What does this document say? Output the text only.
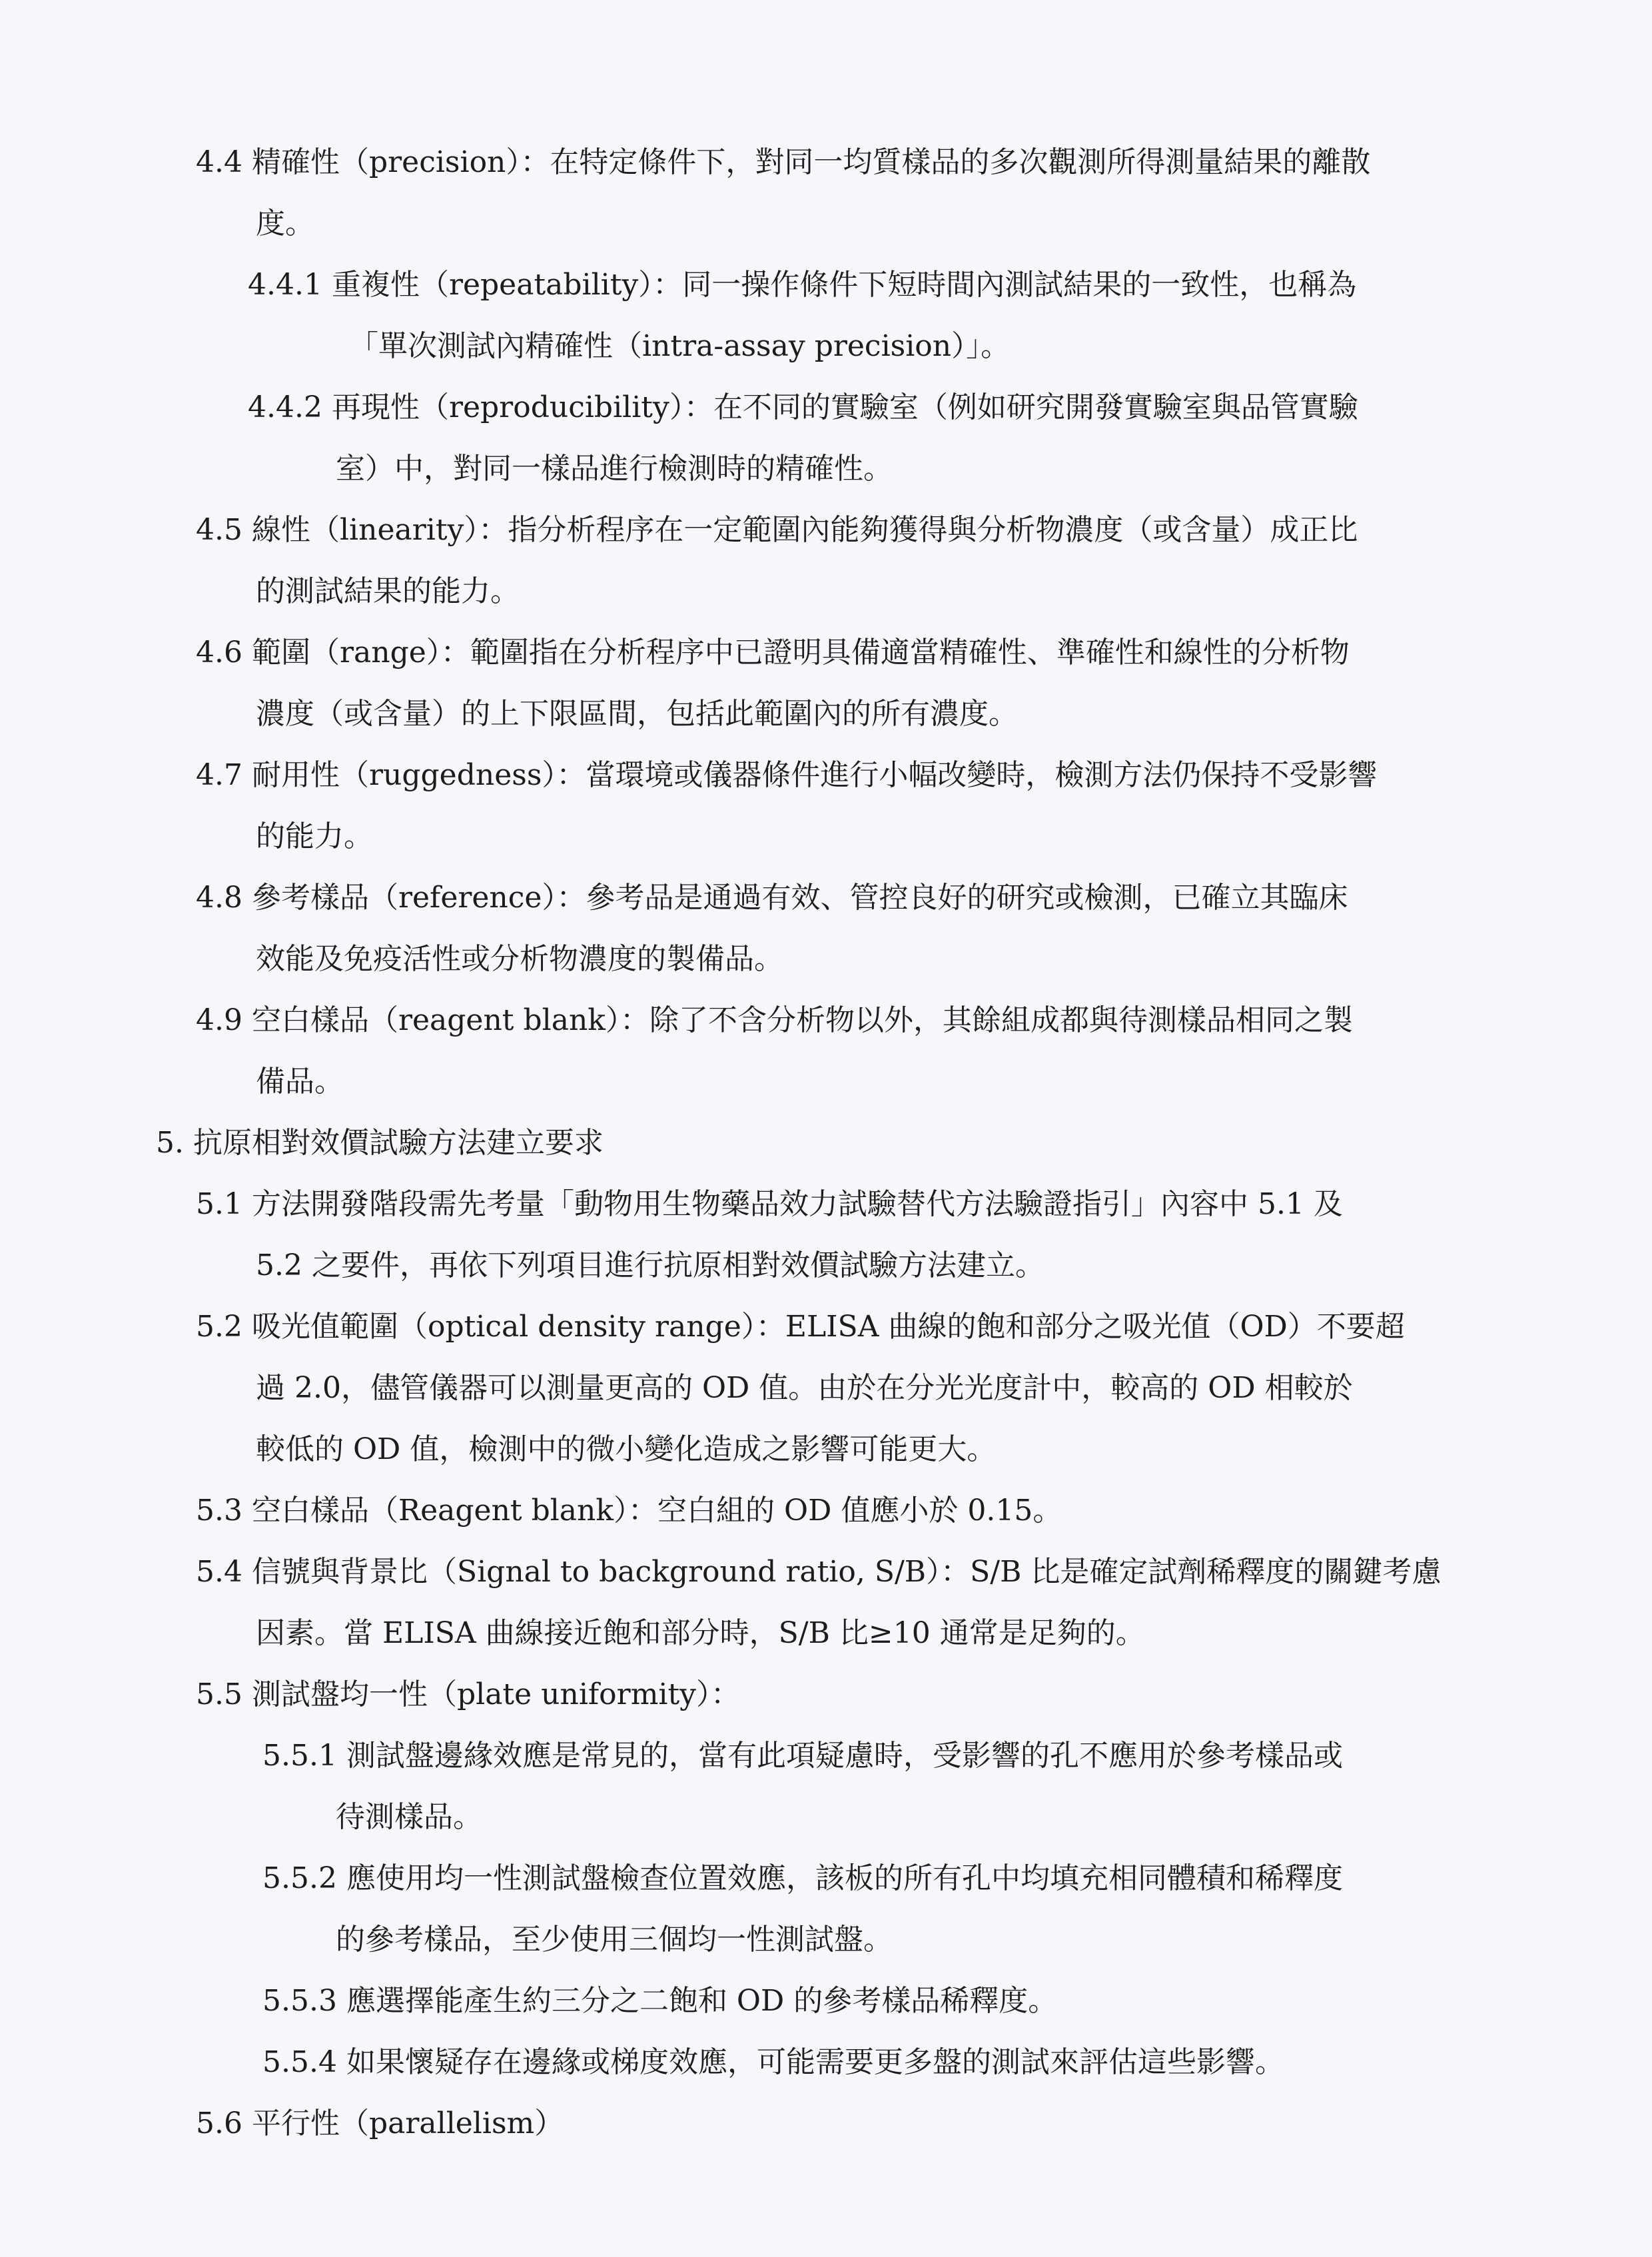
4.4 精確性（precision）：在特定條件下，對同一均質樣品的多次觀測所得測量結果的離散
度。
4.4.1 重複性（repeatability）：同一操作條件下短時間內測試結果的一致性，也稱為
「單次測試內精確性（intra-assay precision）」。
4.4.2 再現性（reproducibility）：在不同的實驗室（例如研究開發實驗室與品管實驗
室）中，對同一樣品進行檢測時的精確性。
4.5 線性（linearity）：指分析程序在一定範圍內能夠獲得與分析物濃度（或含量）成正比
的測試結果的能力。
4.6 範圍（range）：範圍指在分析程序中已證明具備適當精確性、準確性和線性的分析物
濃度（或含量）的上下限區間，包括此範圍內的所有濃度。
4.7 耐用性（ruggedness）：當環境或儀器條件進行小幅改變時，檢測方法仍保持不受影響
的能力。
4.8 參考樣品（reference）：參考品是通過有效、管控良好的研究或檢測，已確立其臨床
效能及免疫活性或分析物濃度的製備品。
4.9 空白樣品（reagent blank）：除了不含分析物以外，其餘組成都與待測樣品相同之製
備品。
5. 抗原相對效價試驗方法建立要求
5.1 方法開發階段需先考量「動物用生物藥品效力試驗替代方法驗證指引」內容中 5.1 及
5.2 之要件，再依下列項目進行抗原相對效價試驗方法建立。
5.2 吸光值範圍（optical density range）：ELISA 曲線的飽和部分之吸光值（OD）不要超
過 2.0，儘管儀器可以測量更高的 OD 值。由於在分光光度計中，較高的 OD 相較於
較低的 OD 值，檢測中的微小變化造成之影響可能更大。
5.3 空白樣品（Reagent blank）：空白組的 OD 值應小於 0.15。
5.4 信號與背景比（Signal to background ratio, S/B）：S/B 比是確定試劑稀釋度的關鍵考慮
因素。當 ELISA 曲線接近飽和部分時，S/B 比≥10 通常是足夠的。
5.5 測試盤均一性（plate uniformity）：
5.5.1 測試盤邊緣效應是常見的，當有此項疑慮時，受影響的孔不應用於參考樣品或
待測樣品。
5.5.2 應使用均一性測試盤檢查位置效應，該板的所有孔中均填充相同體積和稀釋度
的參考樣品，至少使用三個均一性測試盤。
5.5.3 應選擇能產生約三分之二飽和 OD 的參考樣品稀釋度。
5.5.4 如果懷疑存在邊緣或梯度效應，可能需要更多盤的測試來評估這些影響。
5.6 平行性（parallelism）
